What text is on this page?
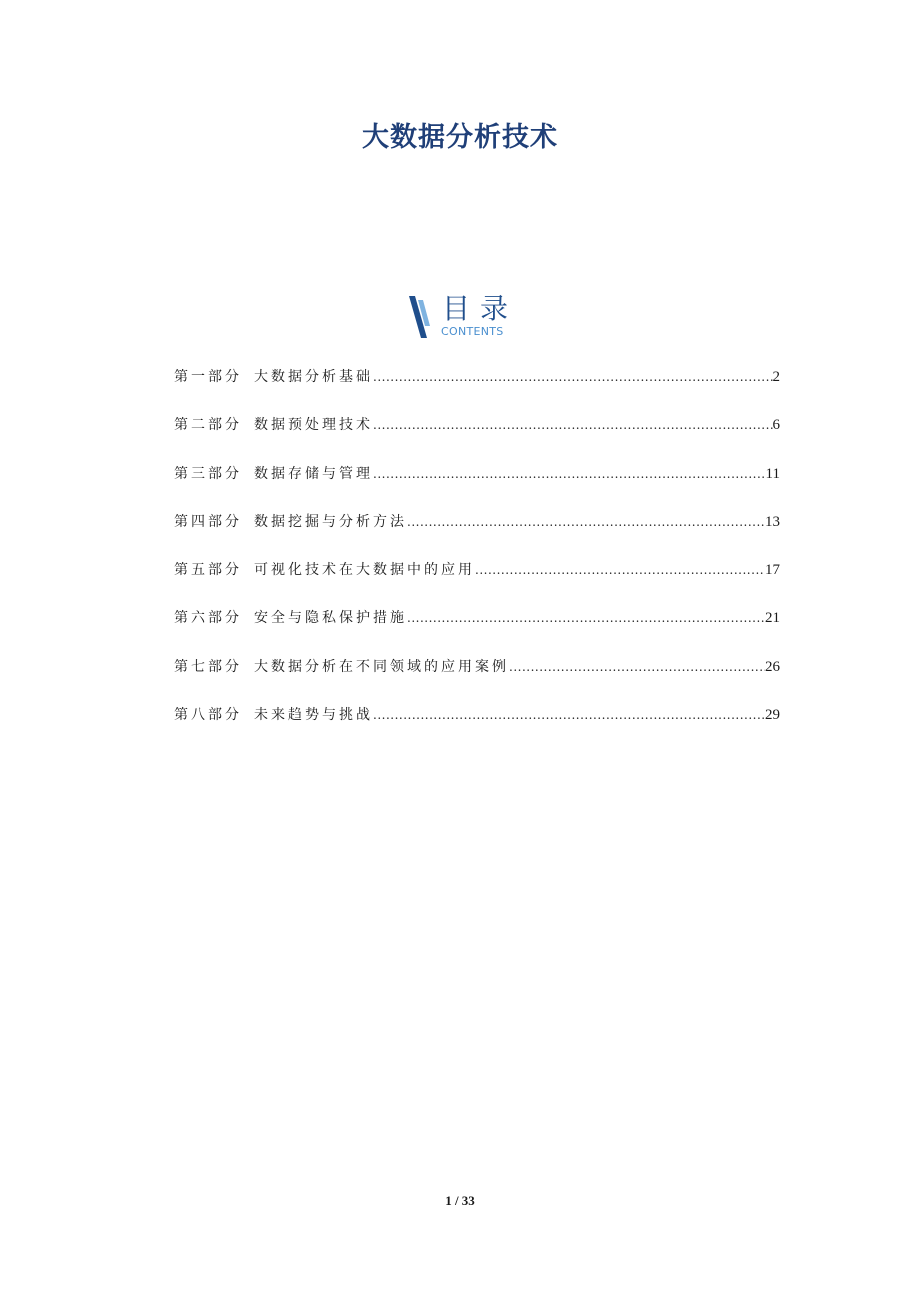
大数据分析技术
目录
CONTENTS
第一部分 大数据分析基础 .....	2
第二部分 数据预处理技术 .....	6
第三部分 数据存储与管理 .....	11
第四部分 数据挖掘与分析方法 .....	13
第五部分 可视化技术在大数据中的应用 .....	17
第六部分 安全与隐私保护措施 .....	21
第七部分 大数据分析在不同领域的应用案例 .....	26
第八部分 未来趋势与挑战 .....	29
1 / 33
